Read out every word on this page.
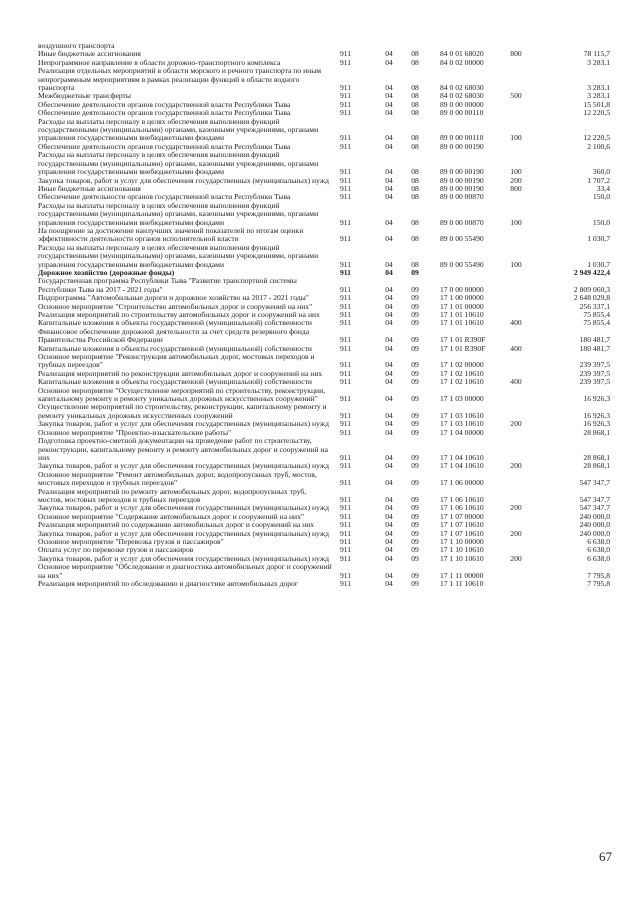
воздушного транспорта
Иные бюджетные ассигнования	911	04	08	84 0 01 68020	800	78 115,7
Непрограммное направление в области дорожно-транспортного комплекса	911	04	08	84 0 02 00000	3 283,1
Реализация отдельных мероприятий в области морского и речного транспорта по иным непрограммным мероприятиям в рамках реализации функций в области водного транспорта	911	04	08	84 0 02 68030	3 283,1
Межбюджетные трансферты	911	04	08	84 0 02 68030	500	3 283,1
Обеспечение деятельности органов государственной власти Республики Тыва	911	04	08	89 0 00 00000	15 501,8
Обеспечение деятельности органов государственной власти Республики Тыва	911	04	08	89 0 00 00110	12 220,5
Расходы на выплаты персоналу в целях обеспечения выполнения функций государственными (муниципальными) органами, казенными учреждениями, органами управления государственными внебюджетными фондами	911	04	08	89 0 00 00110	100	12 220,5
Обеспечение деятельности органов государственной власти Республики Тыва	911	04	08	89 0 00 00190	2 100,6
Расходы на выплаты персоналу в целях обеспечения выполнения функций государственными (муниципальными) органами, казенными учреждениями, органами управления государственными внебюджетными фондами	911	04	08	89 0 00 00190	100	360,0
Закупка товаров, работ и услуг для обеспечения государственных (муниципальных) нужд	911	04	08	89 0 00 00190	200	1 707,2
Иные бюджетные ассигнования	911	04	08	89 0 00 00190	800	33,4
Обеспечение деятельности органов государственной власти Республики Тыва	911	04	08	89 0 00 00870	150,0
Расходы на выплаты персоналу в целях обеспечения выполнения функций государственными (муниципальными) органами, казенными учреждениями, органами управления государственными внебюджетными фондами	911	04	08	89 0 00 00870	100	150,0
На поощрение за достижение наилучших значений показателей по итогам оценки эффективности деятельности органов исполнительной власти	911	04	08	89 0 00 55490	1 030,7
Расходы на выплаты персоналу в целях обеспечения выполнения функций государственными (муниципальными) органами, казенными учреждениями, органами управления государственными внебюджетными фондами	911	04	08	89 0 00 55490	100	1 030,7
Дорожное хозяйство (дорожные фонды)	911	04	09	2 949 422,4
Государственная программа Республики Тыва "Развитие транспортной системы Республики Тыва на 2017 - 2021 годы"	911	04	09	17 0 00 00000	2 809 060,3
Подпрограмма "Автомобильные дороги и дорожное хозяйство на 2017 - 2021 годы"	911	04	09	17 1 00 00000	2 648 029,8
Основное мероприятие "Строительство автомобильных дорог и сооружений на них"	911	04	09	17 1 01 00000	256 337,1
Реализация мероприятий по строительству автомобильных дорог и сооружений на них	911	04	09	17 1 01 10610	75 855,4
Капитальные вложения в объекты государственной (муниципальной) собственности	911	04	09	17 1 01 10610	400	75 855,4
Финансовое обеспечение дорожной деятельности за счет средств резервного фонда Правительства Российской Федерации	911	04	09	17 1 01 R390F	180 481,7
Капитальные вложения в объекты государственной (муниципальной) собственности	911	04	09	17 1 01 R390F	400	180 481,7
Основное мероприятие "Реконструкция автомобильных дорог, мостовых переходов и трубных переездов"	911	04	09	17 1 02 00000	239 397,5
Реализация мероприятий по реконструкции автомобильных дорог и сооружений на них	911	04	09	17 1 02 10610	239 397,5
Капитальные вложения в объекты государственной (муниципальной) собственности	911	04	09	17 1 02 10610	400	239 397,5
Основное мероприятие "Осуществление мероприятий по строительству, реконструкции, капитальному ремонту и ремонту уникальных дорожных искусственных сооружений"	911	04	09	17 1 03 00000	16 926,3
Осуществление мероприятий по строительству, реконструкции, капитальному ремонту и ремонту уникальных дорожных искусственных сооружений	911	04	09	17 1 03 10610	16 926,3
Закупка товаров, работ и услуг для обеспечения государственных (муниципальных) нужд	911	04	09	17 1 03 10610	200	16 926,3
Основное мероприятие "Проектно-изыскательские работы"	911	04	09	17 1 04 00000	28 868,1
Подготовка проектно-сметной документации на проведение работ по строительству, реконструкции, капитальному ремонту и ремонту автомобильных дорог и сооружений на них	911	04	09	17 1 04 10610	28 868,1
Закупка товаров, работ и услуг для обеспечения государственных (муниципальных) нужд	911	04	09	17 1 04 10610	200	28 868,1
Основное мероприятие "Ремонт автомобильных дорог, водопропускных труб, мостов, мостовых переходов и трубных переездов"	911	04	09	17 1 06 00000	547 347,7
Реализация мероприятий по ремонту автомобильных дорог, водопропускных труб, мостов, мостовых переходов и трубных переездов	911	04	09	17 1 06 10610	547 347,7
Закупка товаров, работ и услуг для обеспечения государственных (муниципальных) нужд	911	04	09	17 1 06 10610	200	547 347,7
Основное мероприятие "Содержание автомобильных дорог и сооружений на них"	911	04	09	17 1 07 00000	240 000,0
Реализация мероприятий по содержанию автомобильных дорог и сооружений на них	911	04	09	17 1 07 10610	240 000,0
Закупка товаров, работ и услуг для обеспечения государственных (муниципальных) нужд	911	04	09	17 1 07 10610	200	240 000,0
Основное мероприятие "Перевозка грузов и пассажиров"	911	04	09	17 1 10 00000	6 638,0
Оплата услуг по перевозке грузов и пассажиров	911	04	09	17 1 10 10610	6 638,0
Закупка товаров, работ и услуг для обеспечения государственных (муниципальных) нужд	911	04	09	17 1 10 10610	200	6 638,0
Основное мероприятие "Обследование и диагностика автомобильных дорог и сооружений на них"	911	04	09	17 1 11 00000	7 795,8
Реализация мероприятий по обследованию и диагностике автомобильных дорог	911	04	09	17 1 11 10610	7 795,8
67
